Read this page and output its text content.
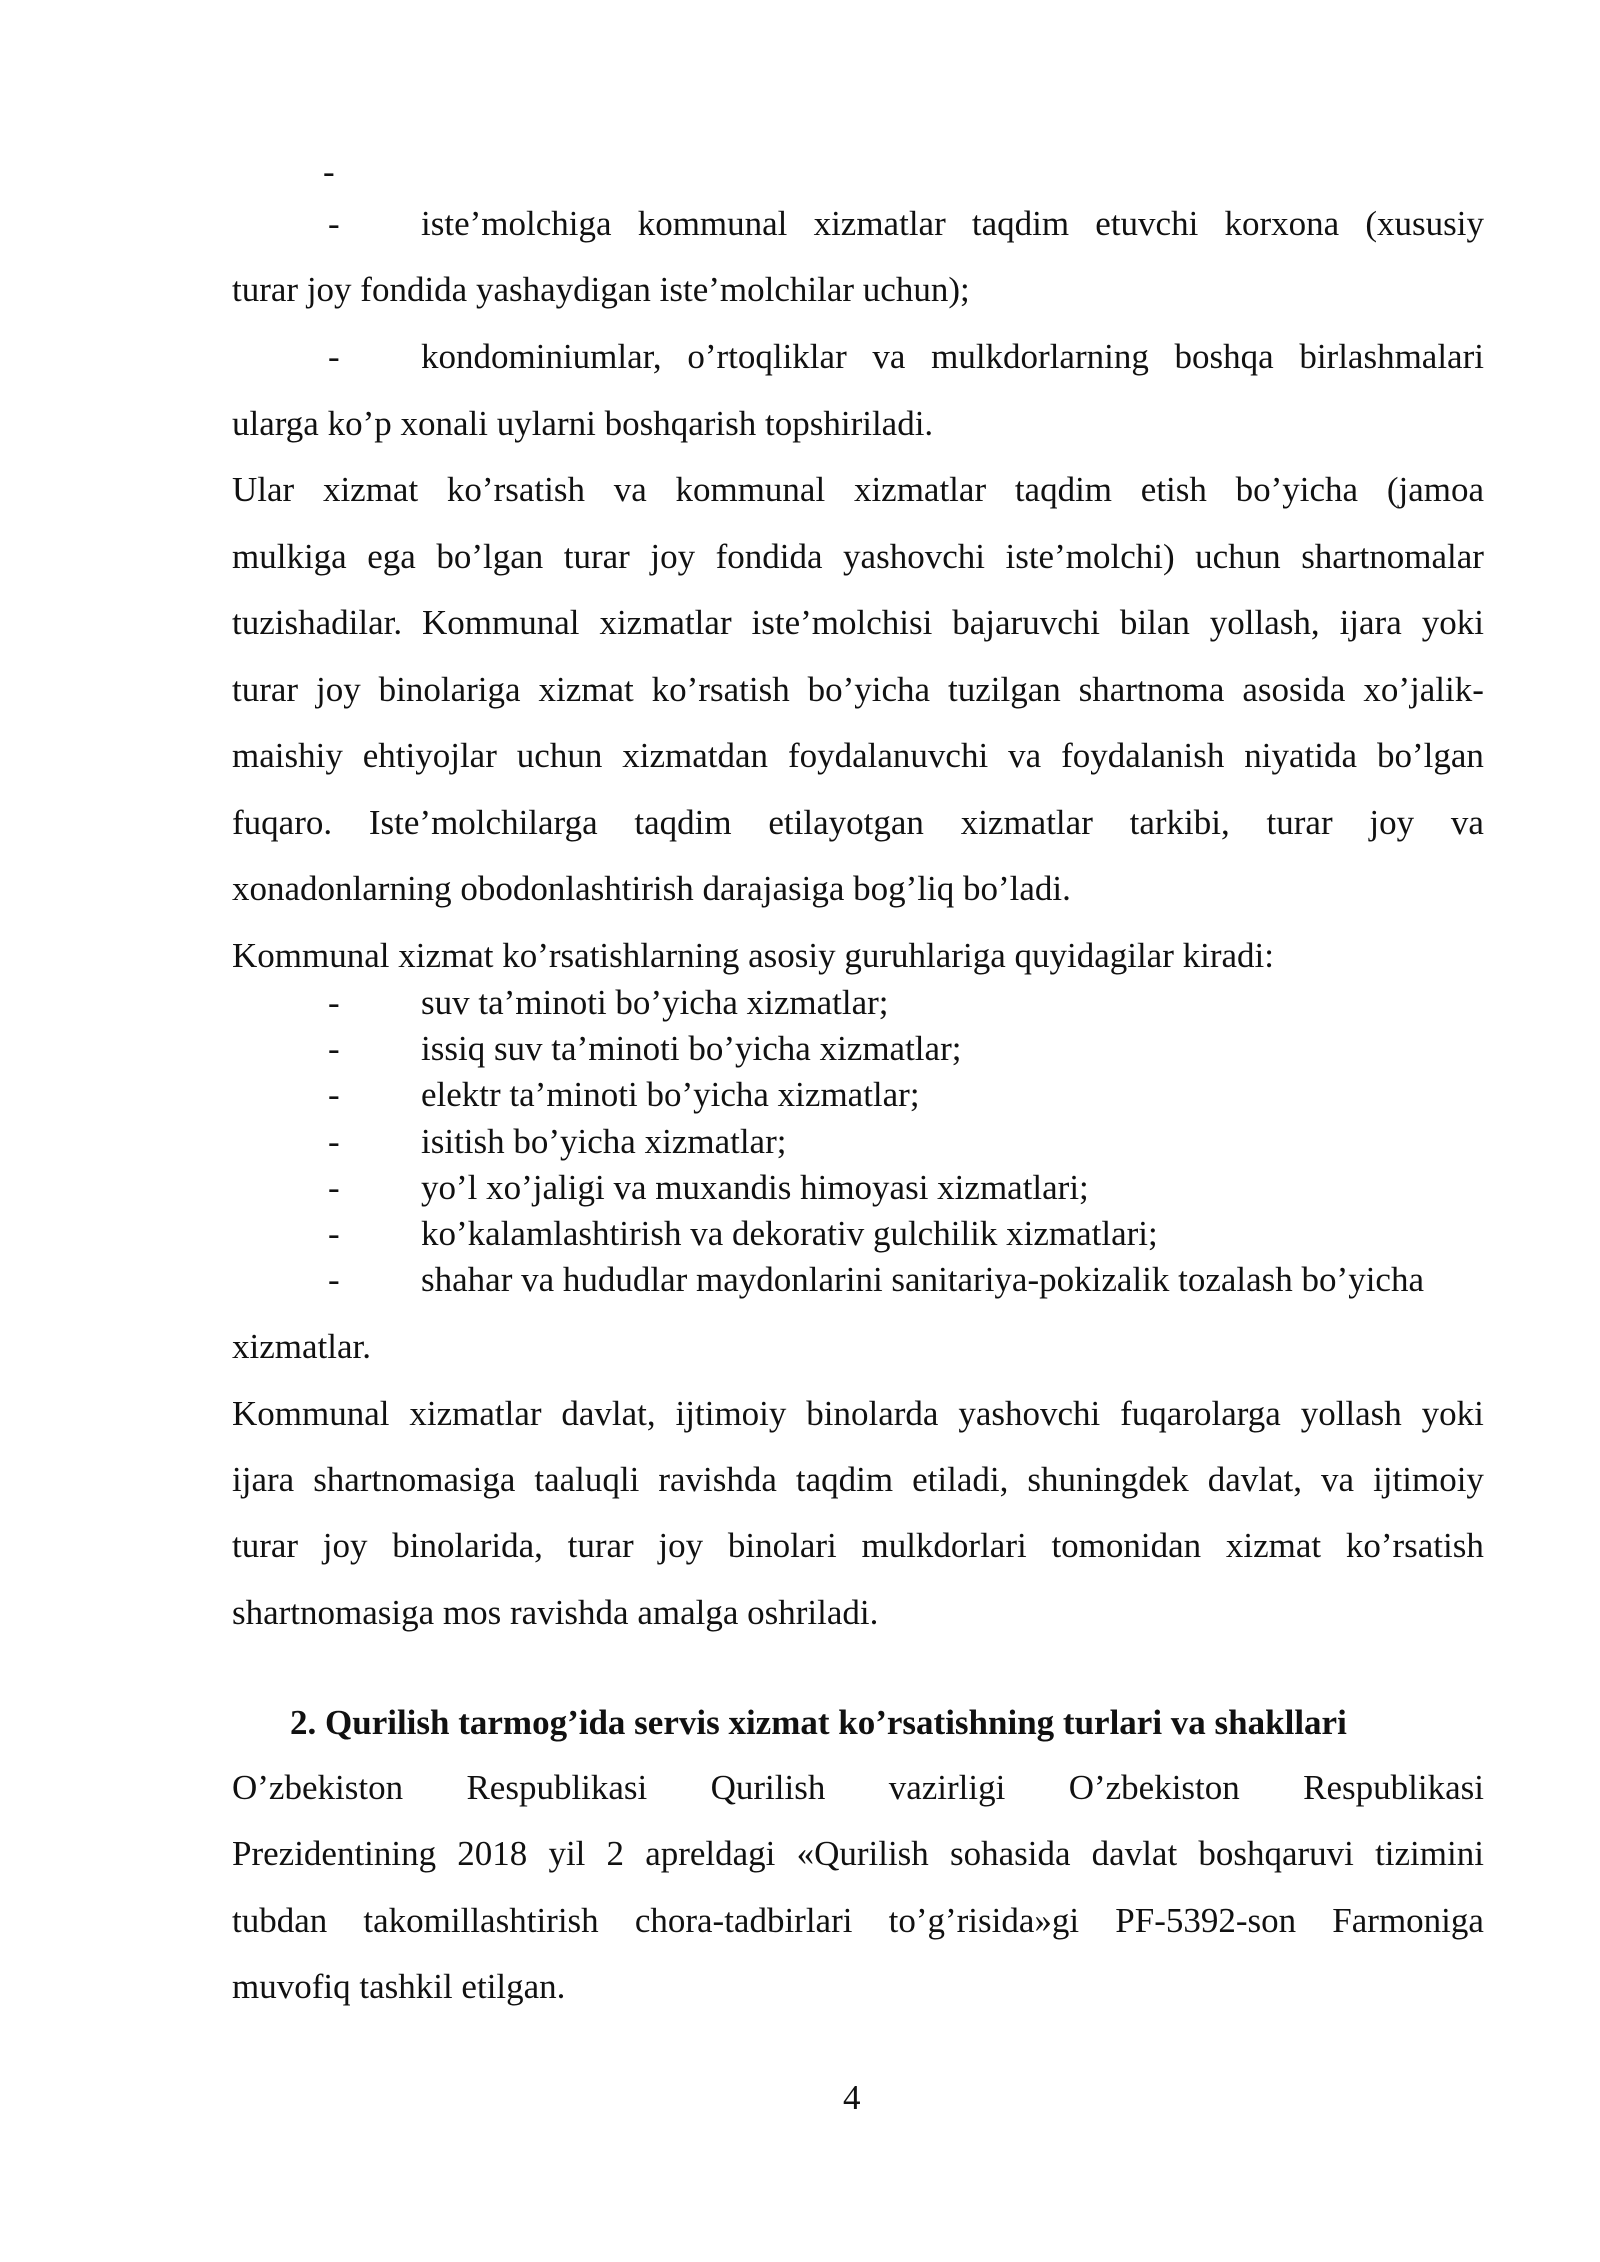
-
- iste’molchiga kommunal xizmatlar taqdim etuvchi korxona (xususiy
turar joy fondida yashaydigan iste’molchilar uchun);
- kondominiumlar, o’rtoqliklar va mulkdorlarning boshqa birlashmalari
ularga ko’p xonali uylarni boshqarish topshiriladi.
Ular xizmat ko’rsatish va kommunal xizmatlar taqdim etish bo’yicha (jamoa
mulkiga ega bo’lgan turar joy fondida yashovchi iste’molchi) uchun shartnomalar
tuzishadilar. Kommunal xizmatlar iste’molchisi bajaruvchi bilan yollash, ijara yoki
turar joy binolariga xizmat ko’rsatish bo’yicha tuzilgan shartnoma asosida xo’jalik-
maishiy ehtiyojlar uchun xizmatdan foydalanuvchi va foydalanish niyatida bo’lgan
fuqaro. Iste’molchilarga taqdim etilayotgan xizmatlar tarkibi, turar joy va
xonadonlarning obodonlashtirish darajasiga bog’liq bo’ladi.
Kommunal xizmat ko’rsatishlarning asosiy guruhlariga quyidagilar kiradi:
- suv ta’minoti bo’yicha xizmatlar;
- issiq suv ta’minoti bo’yicha xizmatlar;
- elektr ta’minoti bo’yicha xizmatlar;
- isitish bo’yicha xizmatlar;
- yo’l xo’jaligi va muxandis himoyasi xizmatlari;
- ko’kalamlashtirish va dekorativ gulchilik xizmatlari;
- shahar va hududlar maydonlarini sanitariya-pokizalik tozalash bo’yicha
xizmatlar.
Kommunal xizmatlar davlat, ijtimoiy binolarda yashovchi fuqarolarga yollash yoki
ijara shartnomasiga taaluqli ravishda taqdim etiladi, shuningdek davlat, va ijtimoiy
turar joy binolarida, turar joy binolari mulkdorlari tomonidan xizmat ko’rsatish
shartnomasiga mos ravishda amalga oshriladi.
2. Qurilish tarmog’ida servis xizmat ko’rsatishning turlari va shakllari
O’zbekiston Respublikasi Qurilish vazirligi O’zbekiston Respublikasi
Prezidentining 2018 yil 2 apreldagi «Qurilish sohasida davlat boshqaruvi tizimini
tubdan takomillashtirish chora-tadbirlari to’g’risida»gi PF-5392-son Farmoniga
muvofiq tashkil etilgan.
4
